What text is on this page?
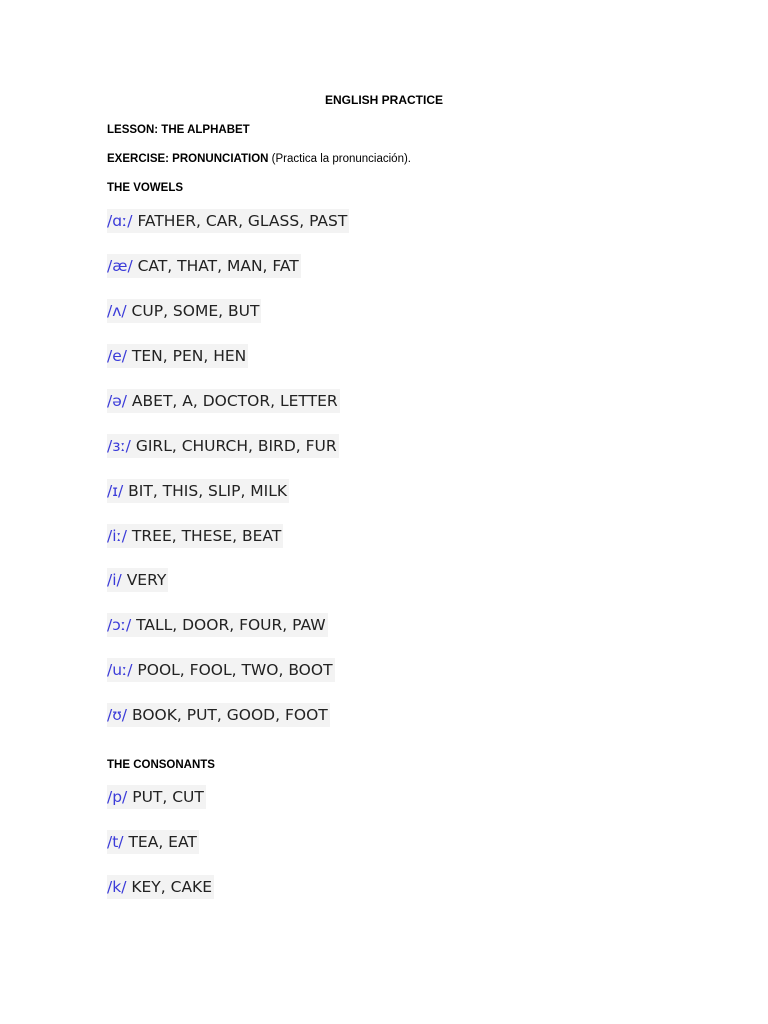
ENGLISH PRACTICE
LESSON: THE ALPHABET
EXERCISE: PRONUNCIATION (Practica la pronunciación).
THE VOWELS
/ɑː/ FATHER, CAR, GLASS, PAST
/æ/ CAT, THAT, MAN, FAT
/ʌ/ CUP, SOME, BUT
/e/ TEN, PEN, HEN
/ə/ ABET, A, DOCTOR, LETTER
/ɜː/ GIRL, CHURCH, BIRD, FUR
/ɪ/ BIT, THIS, SLIP, MILK
/iː/ TREE, THESE, BEAT
/i/ VERY
/ɔː/ TALL, DOOR, FOUR, PAW
/uː/ POOL, FOOL, TWO, BOOT
/ʊ/ BOOK, PUT, GOOD, FOOT
THE CONSONANTS
/p/ PUT, CUT
/t/ TEA, EAT
/k/ KEY, CAKE
